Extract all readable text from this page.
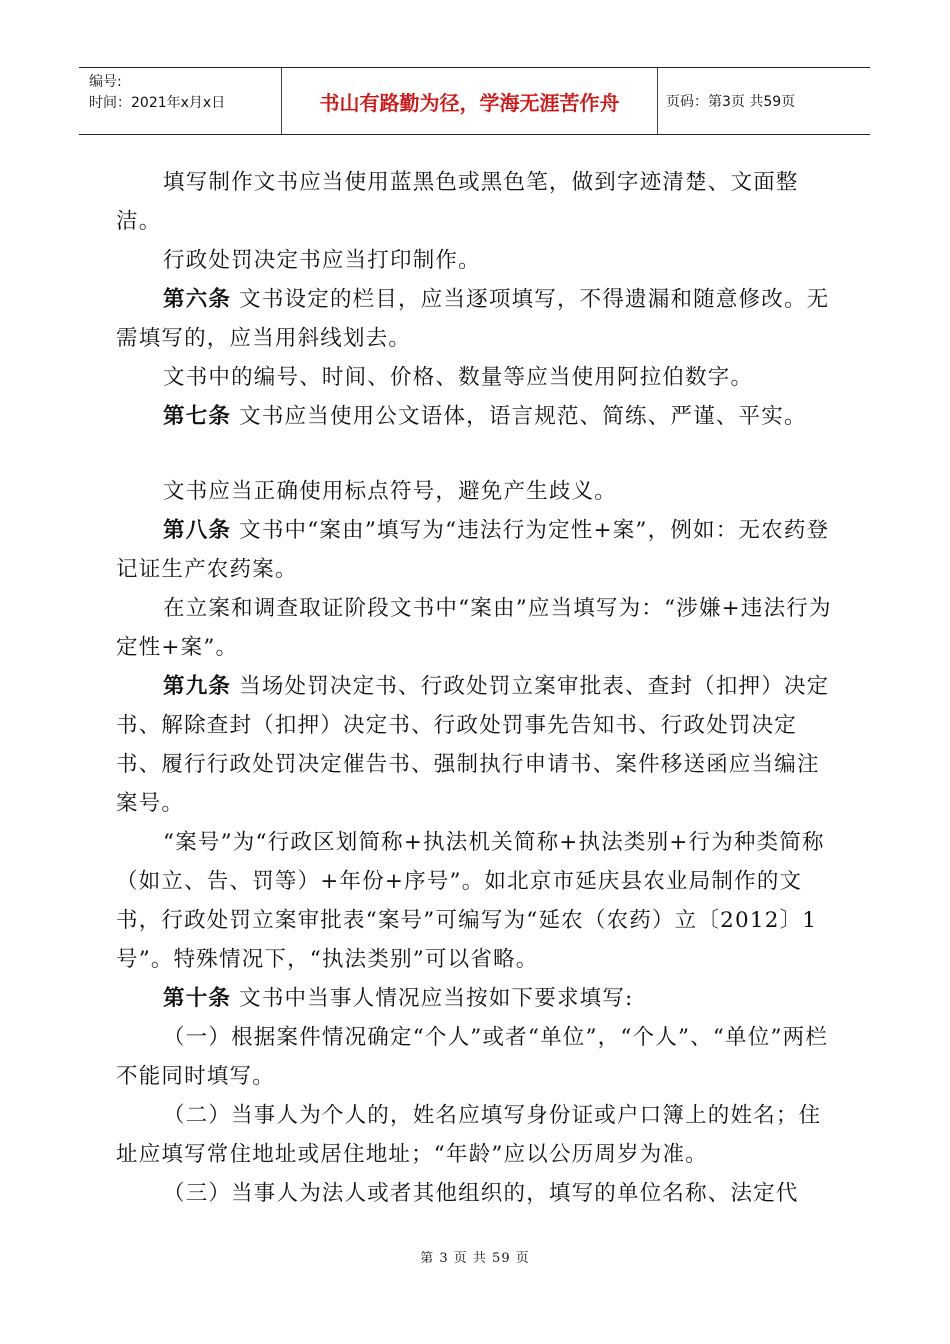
编号:
时间：2021年x月x日	书山有路勤为径，学海无涯苦作舟	页码：第3页 共59页

填写制作文书应当使用蓝黑色或黑色笔，做到字迹清楚、文面整洁。

行政处罚决定书应当打印制作。

第六条 文书设定的栏目，应当逐项填写，不得遗漏和随意修改。无需填写的，应当用斜线划去。

文书中的编号、时间、价格、数量等应当使用阿拉伯数字。

第七条 文书应当使用公文语体，语言规范、简练、严谨、平实。

文书应当正确使用标点符号，避免产生歧义。

第八条 文书中“案由”填写为“违法行为定性+案”，例如：无农药登记证生产农药案。

在立案和调查取证阶段文书中“案由”应当填写为：“涉嫌+违法行为定性+案”。

第九条 当场处罚决定书、行政处罚立案审批表、查封（扣押）决定书、解除查封（扣押）决定书、行政处罚事先告知书、行政处罚决定书、履行行政处罚决定催告书、强制执行申请书、案件移送函应当编注案号。

“案号”为“行政区划简称+执法机关简称+执法类别+行为种类简称（如立、告、罚等）+年份+序号”。如北京市延庆县农业局制作的文书，行政处罚立案审批表“案号”可编写为“延农（农药）立〔2012〕1号”。特殊情况下，“执法类别”可以省略。

第十条 文书中当事人情况应当按如下要求填写:

（一）根据案件情况确定“个人”或者“单位”，“个人”、“单位”两栏不能同时填写。

（二）当事人为个人的，姓名应填写身份证或户口簿上的姓名；住址应填写常住地址或居住地址；“年龄”应以公历周岁为准。

（三）当事人为法人或者其他组织的，填写的单位名称、法定代

第 3 页 共 59 页
